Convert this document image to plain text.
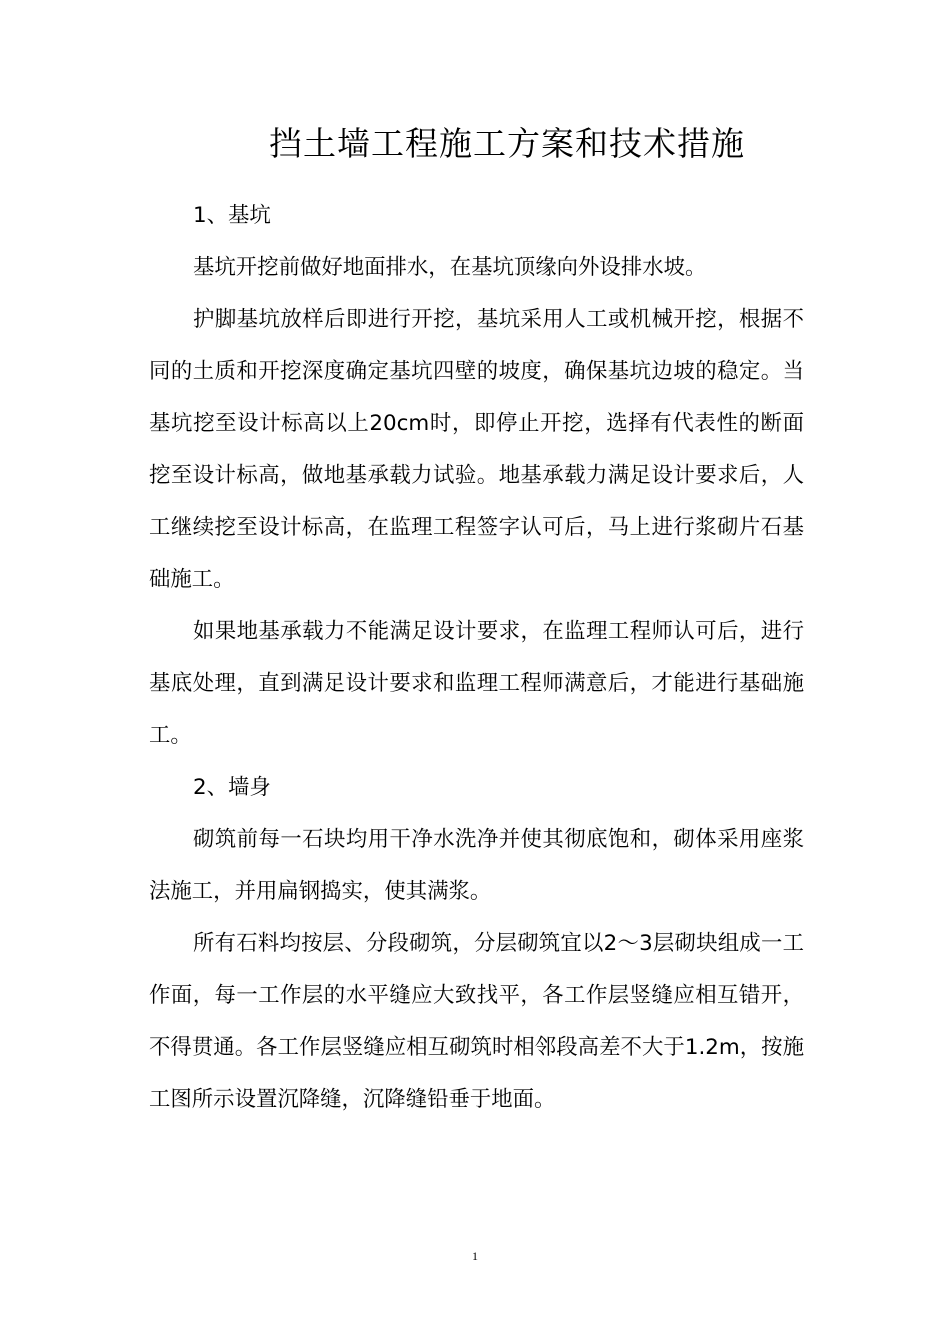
挡土墙工程施工方案和技术措施

1、基坑

基坑开挖前做好地面排水，在基坑顶缘向外设排水坡。

护脚基坑放样后即进行开挖，基坑采用人工或机械开挖，根据不同的土质和开挖深度确定基坑四壁的坡度，确保基坑边坡的稳定。当基坑挖至设计标高以上20cm时，即停止开挖，选择有代表性的断面挖至设计标高，做地基承载力试验。地基承载力满足设计要求后，人工继续挖至设计标高，在监理工程签字认可后，马上进行浆砌片石基础施工。

如果地基承载力不能满足设计要求，在监理工程师认可后，进行基底处理，直到满足设计要求和监理工程师满意后，才能进行基础施工。

2、墙身

砌筑前每一石块均用干净水洗净并使其彻底饱和，砌体采用座浆法施工，并用扁钢捣实，使其满浆。

所有石料均按层、分段砌筑，分层砌筑宜以2～3层砌块组成一工作面，每一工作层的水平缝应大致找平，各工作层竖缝应相互错开，不得贯通。各工作层竖缝应相互砌筑时相邻段高差不大于1.2m，按施工图所示设置沉降缝，沉降缝铅垂于地面。

1
